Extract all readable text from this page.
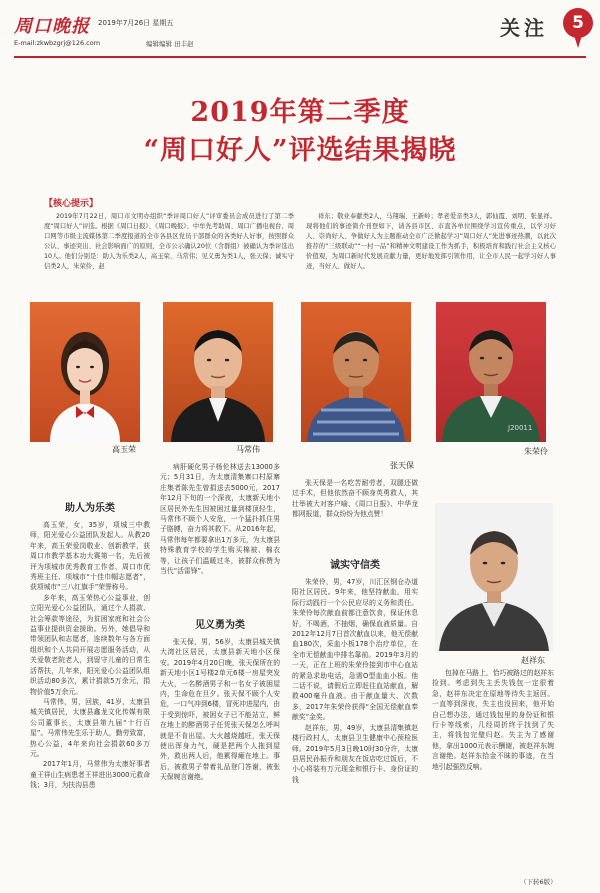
周口晚报 2019年7月26日 星期五
E-mail:zkwbzgrj@126.com	编辑编辑 田丰赵
关注	5
2019年第二季度
“周口好人”评选结果揭晓
【核心提示】
2019年7月22日，周口市文明办组织“季评周口好人”评审委员会成员进行了第二季度“周口好人”评选。根据《周口日报》、《周口晚报》、中牟先考助周、周口广播电视台、周口网等市级主流媒体第二季度报道的全市各县区党员干部群众的各类好人好事，按照群众公认、事迹突出、社会影响面广的原则，全市公示确认20位（含群组）被确认为季评选出10人。他们分别是：助人为乐类2人，高玉荣、马常伟；见义勇为类1人，张天保；诚实守信类2人，朱荣伶、赵
祥东；敬业奉献类2人，马翔瑞、王新岭；孝老爱亲类3人，郭仙霞、刘明、张显祥。现将他们的事迹简介刊登如下，请各县市区、市直各单位围绕学习宣传重点，以学习好人、崇尚好人、争做好人为主题推动全市广泛掀起学习“周口好人”先进事迹热潮，以此次推荐的“三级联动”“一村一品”和精神文明建设工作为抓手，积极培育和践行社会主义核心价值观，为周口新时代发展贡献力量，更好地发挥引领作用，让全市人民一起学习好人事迹，当好人、做好人。
高玉荣	马常伟
张天保
J20011
朱荣伶
赵祥东
助人为乐类

高玉荣，女，35岁，项城三中教师，阳光爱心公益团队发起人。从教20年来，高玉荣爱岗敬业、创新教学，获周口市教学基本功大赛第一名，先后被评为项城市优秀教育工作者、周口市优秀班主任、项城市“十佳巾帼志愿者”，获项城市“三八红旗手”荣誉称号。

多年来，高玉荣热心公益事业，创立阳光爱心公益团队，通过个人捐款、社会筹款等途径，为贫困家庭和社会公益事业提供资金援助。另外，她倡导和带领团队和志愿者，连续数年与各方面组织和个人共同开展志愿服务活动，从关爱敬老院老人，到留守儿童的日常生活帮扶，几年来，阳光爱心公益团队组织活动80多次，累计捐款5万余元，捐物价值5万余元。

马常伟，男，回族，41岁，太康县城关镇居民，太康县鑫龙文化传媒有限公司董事长，太康县第九届“十行百星”。马常伟先生乐于助人，勤劳致富，热心公益，4年来向社会捐款60多万元。

2017年1月，马常伟为太康好事者童王祥山生病患者王祥进出3000元救命钱；3月，为扶沟县患

病肝硬化男子杨伦林送去13000多元；5月31日，为太康清集寨口村原寨庄集者陈先生曾捐送去5000元，2017年12月下旬的一个深夜，太康新天地小区居民外先生因被困过量到楼顶轻生，马常伟不顾个人安危，一个猛扑抓住男子胳膊，奋力将其救下。从2016年起，马常伟每年都要拿出1万多元，为太康县特殊教育学校的学生购买棉被、棉衣等，让孩子们温暖过冬，被群众称赞为当代“活雷锋”。

见义勇为类

张天保，男，56岁，太康县城关镇大湾社区居民，太康县新天地小区保安。2019年4月20日晚，张天保所在的新天地小区1号楼2单元6楼一房屋突发大火，一名醉酒男子和一名女子被困屋内，生命危在旦夕。张天保不顾个人安危，一口气冲到6楼，冒死冲进屋内，由于受到惊吓，被困女子已不能站立，鲜在地上的醉酒男子任凭张天保怎么呼叫就是不肯出屋。大火越烧越旺，张天保使出浑身力气，硬是把两个人拖到屋外，救出两人后，他累得瘫在地上。事后，被救男子带着礼品登门答谢，被张天保婉言谢绝。

张天保是一名吃苦耐劳者，双腿还做过手术，但他依然奋不顾身英勇救人，其壮举被大对客户喻、《周口日报》、中华龙都网报道，群众纷纷为他点赞！

诚实守信类

朱荣伶，男，47岁，川汇区钢仓办道阳社区居民。9年来，他坚持献血，用实际行动践行一个公民应尽的义务和责任。朱荣伶每次献血前都注意饮食，保证休息好，不喝酒，不抽烟，确保血液质量。自2012年12月7日首次献血以来，他无偿献血180次，采血小板178个治疗单位，在全市无偿献血中排名靠前。2019年3月的一天，正在上班的朱荣伶接到市中心血站的紧急求助电话，急需O型血血小板。他二话不说，请假后立即赶往血站献血，解救400毫升血液。由于献血量大、次数多，2017年朱荣伶获得“全国无偿献血奉献奖”金奖。

赵祥东，男，49岁，太康县清集镇赵楼行政村人，太康县卫生健康中心预检医师。2019年5月3日晚10时30分许，太康县居民孙振乔和朋友在饭店吃过饭后，不小心将装有万元现金和银行卡、身份证的钱

包掉在马路上，恰巧被路过的赵祥东捡到。考虑到失主丢失钱包一定很着急，赵祥东决定在原地等待失主返回。一直等到深夜，失主也没回来，他开始自己想办法，通过钱包里的身份证和银行卡等线索，几经周折终于找到了失主，将钱包完璧归赵。失主为了感谢他，拿出1000元表示酬谢，被赵祥东婉言谢绝。赵祥东拾金不昧的事迹，在当地引起强烈反响。

（下转6版）
